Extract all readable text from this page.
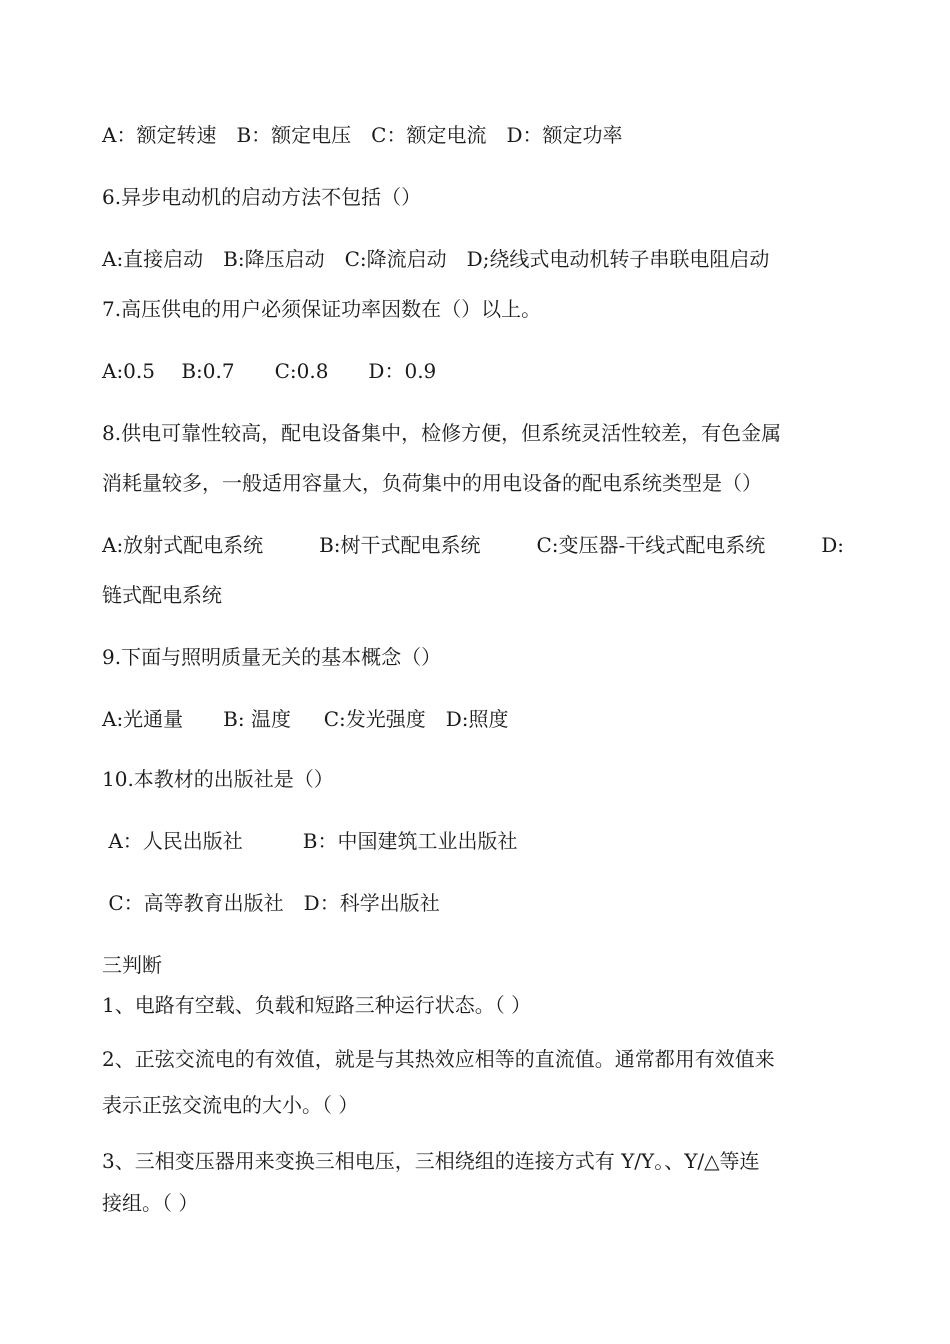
A：额定转速　B：额定电压　C：额定电流　D：额定功率
6.异步电动机的启动方法不包括（）
A:直接启动　B:降压启动　C:降流启动　D;绕线式电动机转子串联电阻启动
7.高压供电的用户必须保证功率因数在（）以上。
A:0.5　 B:0.7　　C:0.8　　D：0.9
8.供电可靠性较高，配电设备集中，检修方便，但系统灵活性较差，有色金属
消耗量较多，一般适用容量大，负荷集中的用电设备的配电系统类型是（）
A:放射式配电系统	B:树干式配电系统	C:变压器-干线式配电系统	D:
链式配电系统
9.下面与照明质量无关的基本概念（）
A:光通量　　B: 温度　  C:发光强度　D:照度
10.本教材的出版社是（）
A：人民出版社　　　B：中国建筑工业出版社
C：高等教育出版社　D：科学出版社
三判断
1、电路有空载、负载和短路三种运行状态。（ ）
2、正弦交流电的有效值，就是与其热效应相等的直流值。通常都用有效值来
表示正弦交流电的大小。（ ）
3、三相变压器用来变换三相电压，三相绕组的连接方式有 Y/Y。、Y/△等连
接组。（ ）
